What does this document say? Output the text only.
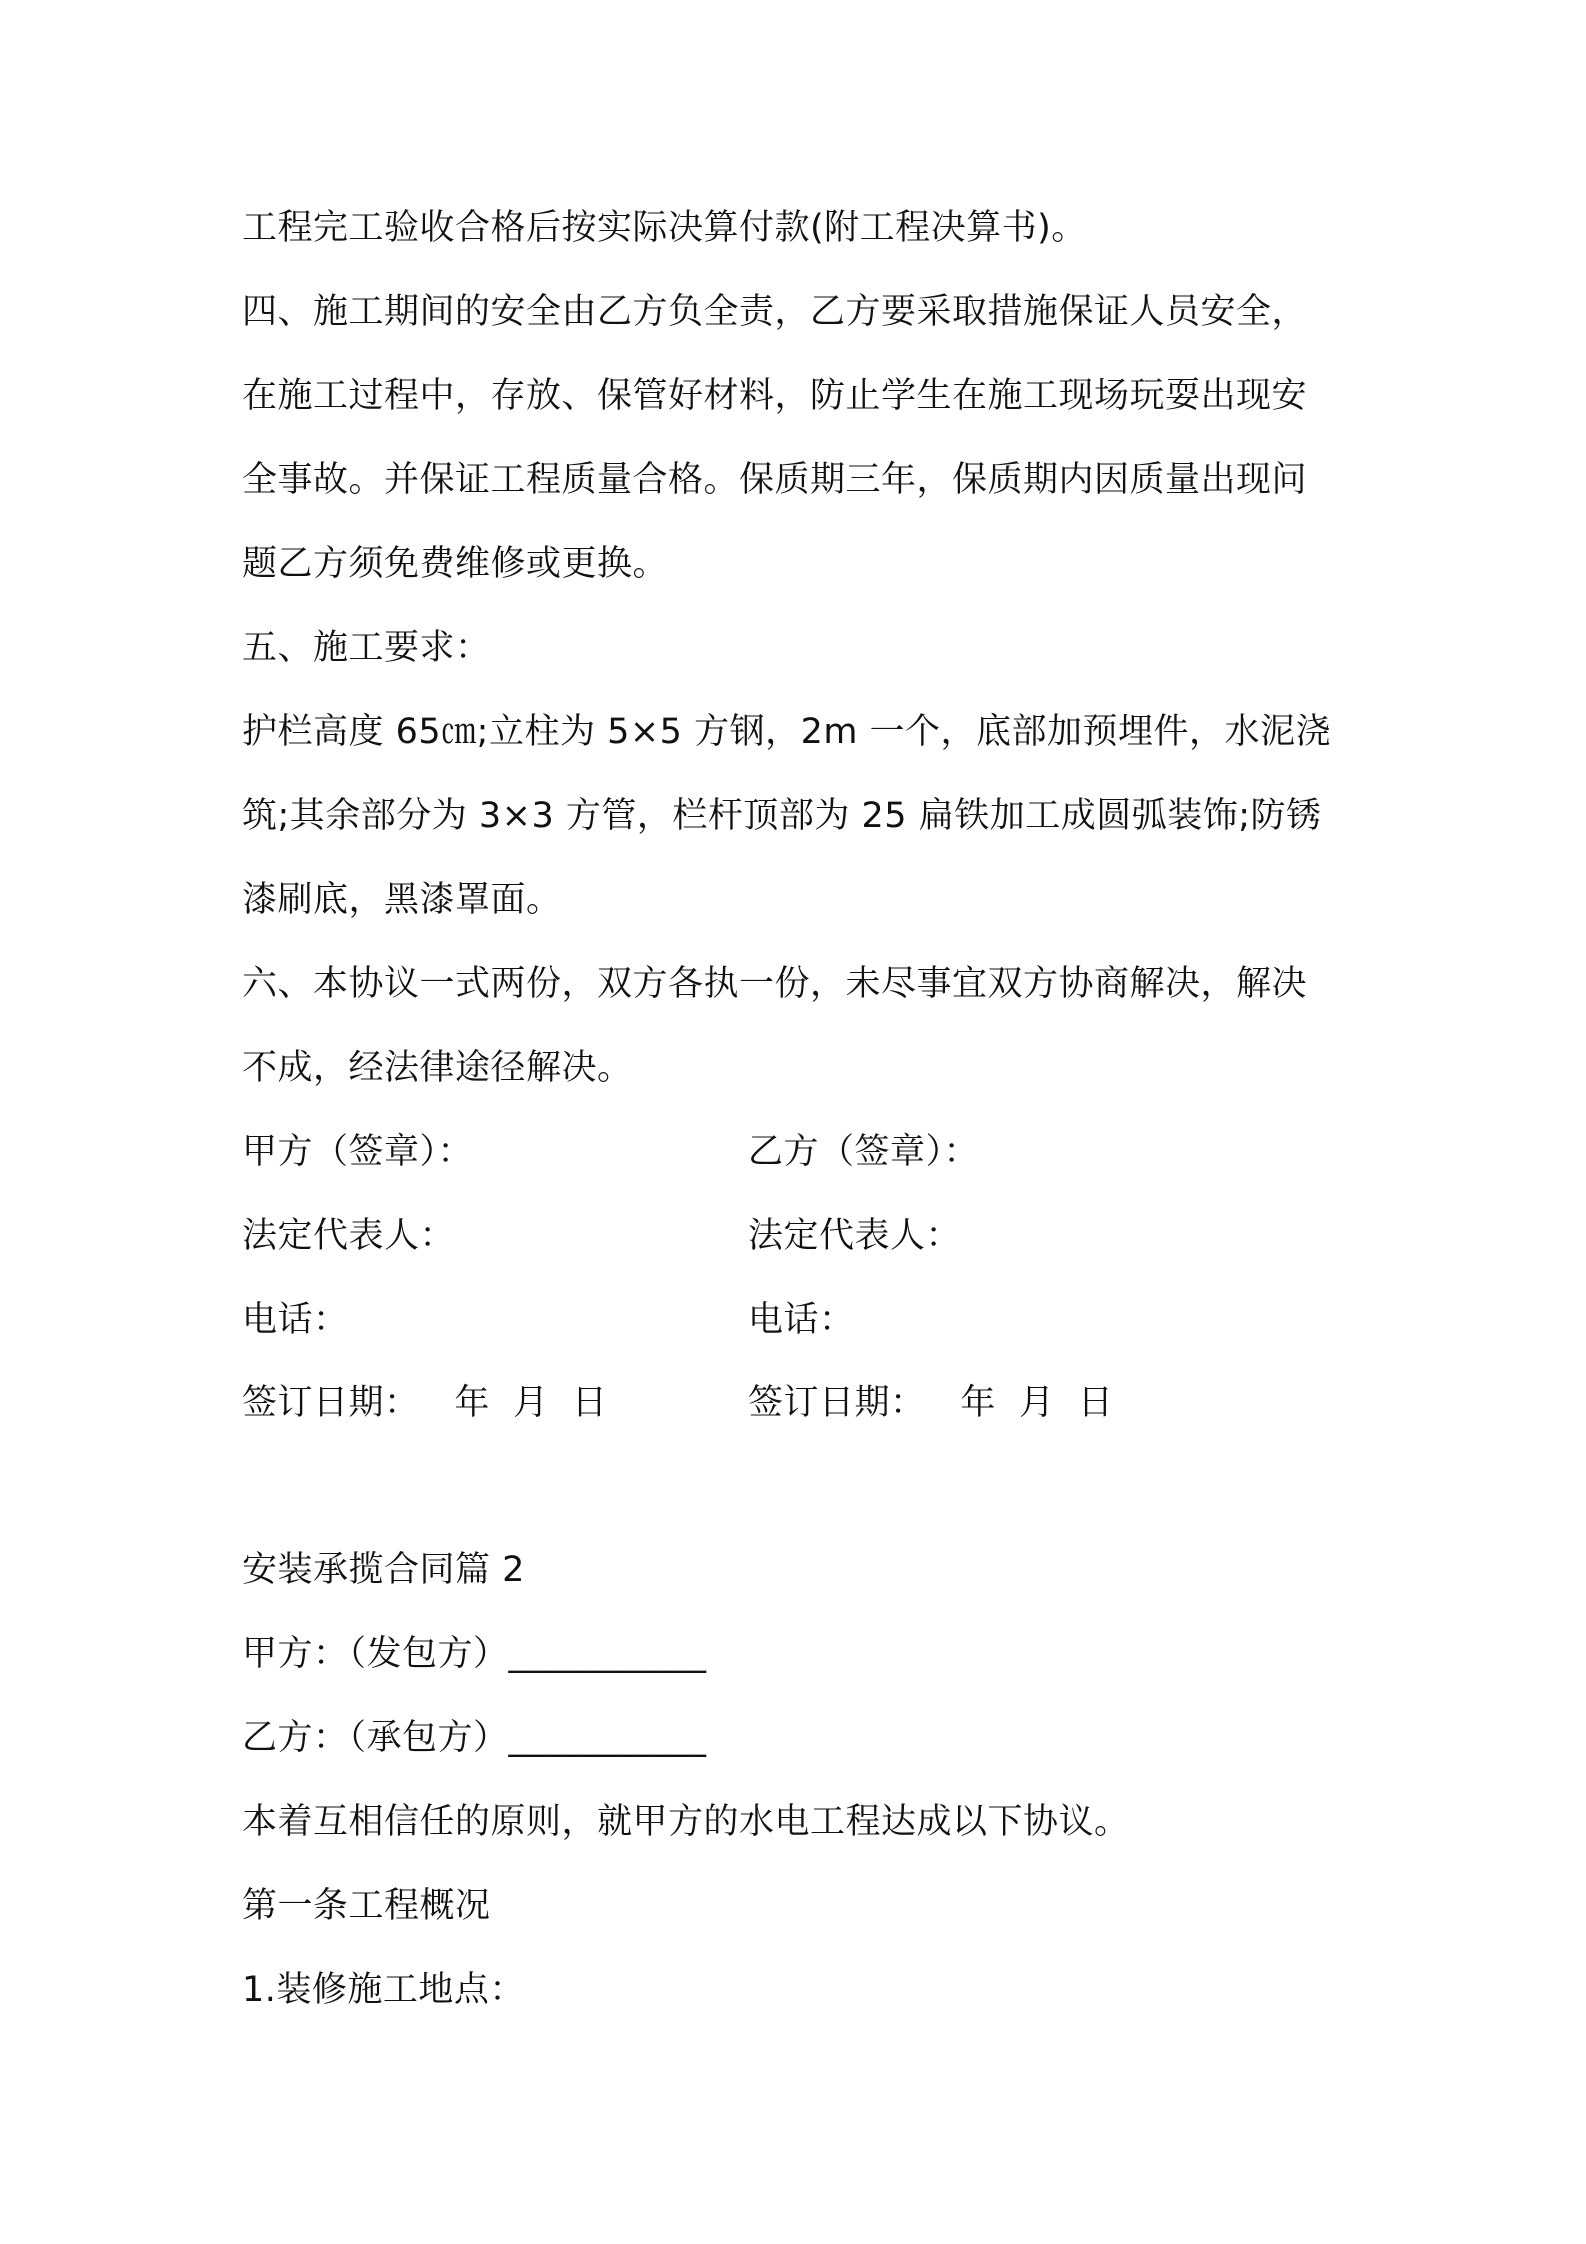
工程完工验收合格后按实际决算付款(附工程决算书)。
四、施工期间的安全由乙方负全责，乙方要采取措施保证人员安全，
在施工过程中，存放、保管好材料，防止学生在施工现场玩耍出现安
全事故。并保证工程质量合格。保质期三年，保质期内因质量出现问
题乙方须免费维修或更换。
五、施工要求：
护栏高度 65㎝;立柱为 5×5 方钢，2m 一个，底部加预埋件，水泥浇
筑;其余部分为 3×3 方管，栏杆顶部为 25 扁铁加工成圆弧装饰;防锈
漆刷底，黑漆罩面。
六、本协议一式两份，双方各执一份，未尽事宜双方协商解决，解决
不成，经法律途径解决。
甲方（签章）：	乙方（签章）：
法定代表人：	法定代表人：
电话：	电话：
签订日期：   年  月  日	签订日期：   年  月  日
安装承揽合同篇 2
甲方：（发包方）___________
乙方：（承包方）___________
本着互相信任的原则，就甲方的水电工程达成以下协议。
第一条工程概况
1.装修施工地点：
